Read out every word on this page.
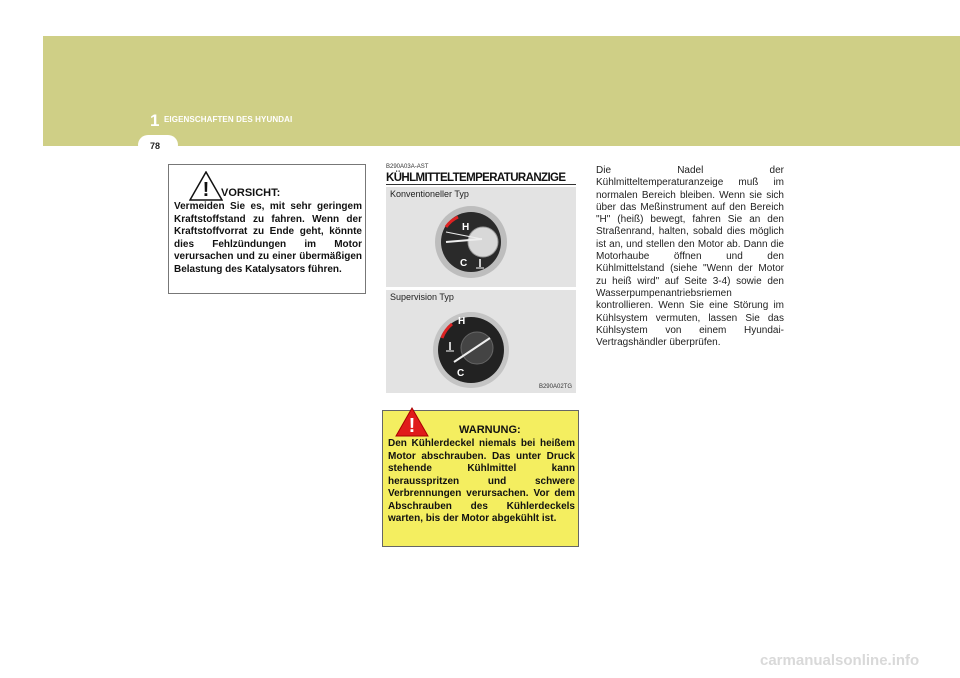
1 EIGENSCHAFTEN DES HYUNDAI
78
! VORSICHT:
Vermeiden Sie es, mit sehr geringem Kraftstoffstand zu fahren. Wenn der Kraftstoffvorrat zu Ende geht, könnte dies Fehlzündungen im Motor verursachen und zu einer übermäßigen Belastung des Katalysators führen.
B290A03A-AST
KÜHLMITTELTEMPERATURANZIGE
Konventioneller Typ
H
C
Supervision Typ
H
C
B290A02TG
!	WARNUNG:
Den Kühlerdeckel niemals bei heißem Motor abschrauben. Das unter Druck stehende Kühlmittel kann herausspritzen und schwere Verbrennungen verursachen. Vor dem Abschrauben des Kühlerdeckels warten, bis der Motor abgekühlt ist.
Die Nadel der Kühlmitteltemperaturanzeige muß im normalen Bereich bleiben. Wenn sie sich über das Meßinstrument auf den Bereich "H" (heiß) bewegt, fahren Sie an den Straßenrand, halten, sobald dies möglich ist an, und stellen den Motor ab. Dann die Motorhaube öffnen und den Kühlmittelstand (siehe "Wenn der Motor zu heiß wird" auf Seite 3-4) sowie den Wasserpumpenantriebsriemen kontrollieren. Wenn Sie eine Störung im Kühlsystem vermuten, lassen Sie das Kühlsystem von einem Hyundai-Vertragshändler überprüfen.
carmanualsonline.info
